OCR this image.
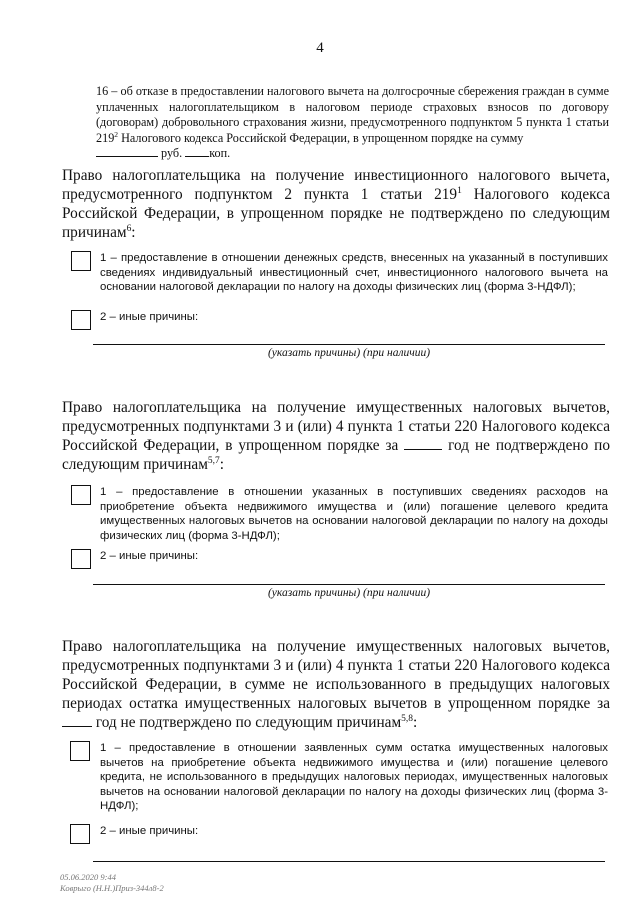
4
16 – об отказе в предоставлении налогового вычета на долгосрочные сбережения граждан в сумме уплаченных налогоплательщиком в налоговом периоде страховых взносов по договору (договорам) добровольного страхования жизни, предусмотренного подпунктом 5 пункта 1 статьи $219^2$ Налогового кодекса Российской Федерации, в упрощенном порядке на сумму
руб. коп.
Право налогоплательщика на получение инвестиционного налогового вычета, предусмотренного подпунктом 2 пункта 1 статьи $219^1$ Налогового кодекса Российской Федерации, в упрощенном порядке не подтверждено по следующим причинам$^6$:
1 – предоставление в отношении денежных средств, внесенных на указанный в поступивших сведениях индивидуальный инвестиционный счет, инвестиционного налогового вычета на основании налоговой декларации по налогу на доходы физических лиц (форма 3-НДФЛ);
2 – иные причины:
(указать причины) (при наличии)
Право налогоплательщика на получение имущественных налоговых вычетов, предусмотренных подпунктами 3 и (или) 4 пункта 1 статьи 220 Налогового кодекса Российской Федерации, в упрощенном порядке за	год не подтверждено по следующим причинам$^{5,7}$:
1 – предоставление в отношении указанных в поступивших сведениях расходов на приобретение объекта недвижимого имущества и (или) погашение целевого кредита имущественных налоговых вычетов на основании налоговой декларации по налогу на доходы физических лиц (форма 3-НДФЛ);
2 – иные причины:
(указать причины) (при наличии)
Право налогоплательщика на получение имущественных налоговых вычетов, предусмотренных подпунктами 3 и (или) 4 пункта 1 статьи 220 Налогового кодекса Российской Федерации, в сумме не использованного в предыдущих налоговых периодах остатка имущественных налоговых вычетов в упрощенном порядке за  год не подтверждено по следующим причинам$^{5,8}$:
1 – предоставление в отношении заявленных сумм остатка имущественных налоговых вычетов на приобретение объекта недвижимого имущества и (или) погашение целевого кредита, не использованного в предыдущих налоговых периодах, имущественных налоговых вычетов на основании налоговой декларации по налогу на доходы физических лиц (форма 3-НДФЛ);
2 – иные причины:
05.06.2020 9:44
Коврыго (Н.Н.)Приз-344л8-2
